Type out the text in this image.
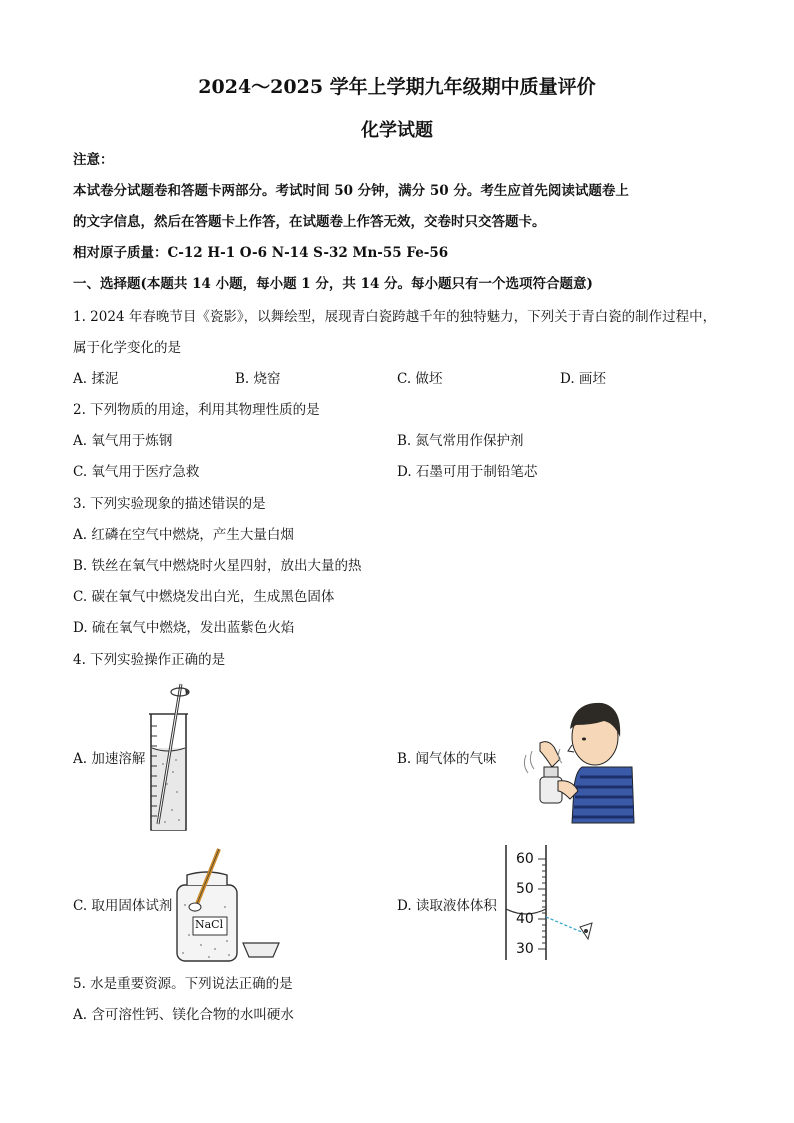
2024～2025 学年上学期九年级期中质量评价
化学试题
注意：
本试卷分试题卷和答题卡两部分。考试时间 50 分钟，满分 50 分。考生应首先阅读试题卷上
的文字信息，然后在答题卡上作答，在试题卷上作答无效，交卷时只交答题卡。
相对原子质量：C-12 H-1 O-6 N-14 S-32 Mn-55 Fe-56
一、选择题(本题共 14 小题，每小题 1 分，共 14 分。每小题只有一个选项符合题意)
1. 2024 年春晚节目《瓷影》，以舞绘型，展现青白瓷跨越千年的独特魅力，下列关于青白瓷的制作过程中，
属于化学变化的是
A. 揉泥	B. 烧窑	C. 做坯	D. 画坯
2. 下列物质的用途，利用其物理性质的是
A. 氧气用于炼钢	B. 氮气常用作保护剂
C. 氧气用于医疗急救	D. 石墨可用于制铅笔芯
3. 下列实验现象的描述错误的是
A. 红磷在空气中燃烧，产生大量白烟
B. 铁丝在氧气中燃烧时火星四射，放出大量的热
C. 碳在氧气中燃烧发出白光，生成黑色固体
D. 硫在氧气中燃烧，发出蓝紫色火焰
4. 下列实验操作正确的是
A. 加速溶解	B. 闻气体的气味
C. 取用固体试剂
NaCl
D. 读取液体体积
60
50
40
30
5. 水是重要资源。下列说法正确的是
A. 含可溶性钙、镁化合物的水叫硬水
